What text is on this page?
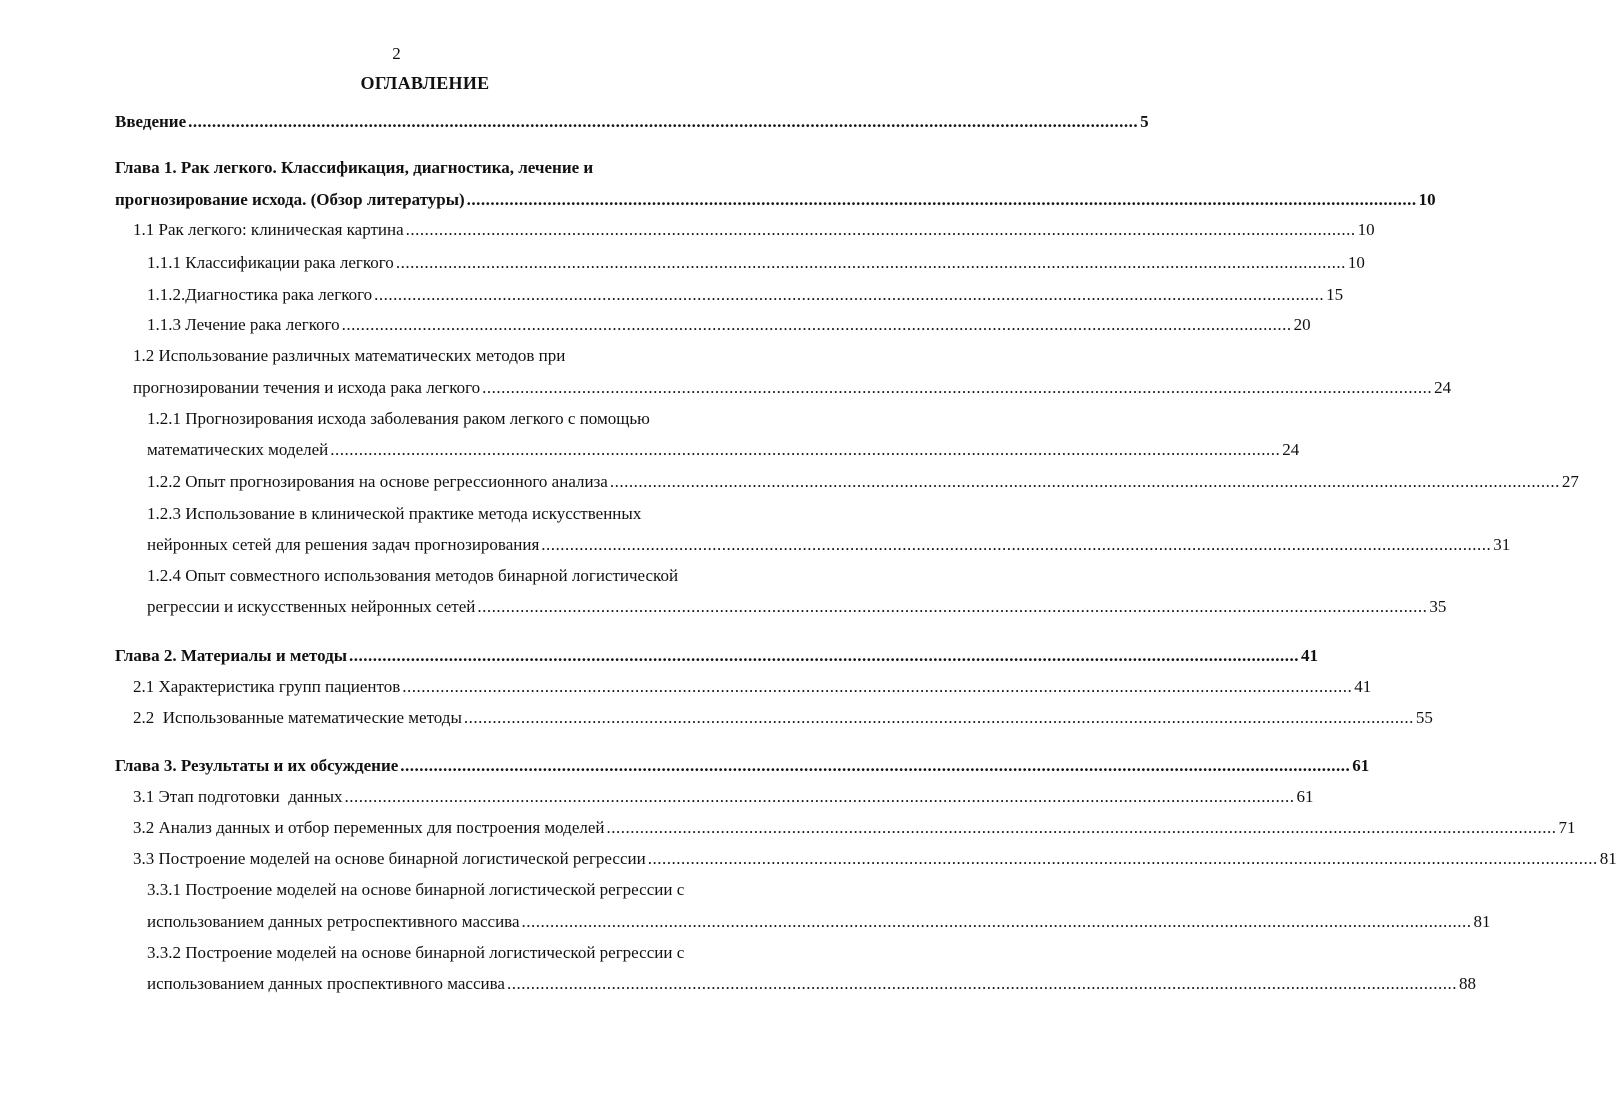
2
ОГЛАВЛЕНИЕ
Введение ........................................................................................................................................................................................................ 5
Глава 1. Рак легкого. Классификация, диагностика, лечение и
прогнозирование исхода. (Обзор литературы) ........................................................................................................................................................................................................ 10
1.1 Рак легкого: клиническая картина ........................................................................................................................................................................................................ 10
1.1.1 Классификации рака легкого ........................................................................................................................................................................................................ 10
1.1.2.Диагностика рака легкого ........................................................................................................................................................................................................ 15
1.1.3 Лечение рака легкого ........................................................................................................................................................................................................ 20
1.2 Использование различных математических методов при
прогнозировании течения и исхода рака легкого ........................................................................................................................................................................................................ 24
1.2.1 Прогнозирования исхода заболевания раком легкого с помощью
математических моделей ........................................................................................................................................................................................................ 24
1.2.2 Опыт прогнозирования на основе регрессионного анализа ........................................................................................................................................................................................................ 27
1.2.3 Использование в клинической практике метода искусственных
нейронных сетей для решения задач прогнозирования ........................................................................................................................................................................................................ 31
1.2.4 Опыт совместного использования методов бинарной логистической
регрессии и искусственных нейронных сетей ........................................................................................................................................................................................................ 35
Глава 2. Материалы и методы ........................................................................................................................................................................................................ 41
2.1 Характеристика групп пациентов ........................................................................................................................................................................................................ 41
2.2  Использованные математические методы ........................................................................................................................................................................................................ 55
Глава 3. Результаты и их обсуждение ........................................................................................................................................................................................................ 61
3.1 Этап подготовки  данных ........................................................................................................................................................................................................ 61
3.2 Анализ данных и отбор переменных для построения моделей ........................................................................................................................................................................................................ 71
3.3 Построение моделей на основе бинарной логистической регрессии ........................................................................................................................................................................................................ 81
3.3.1 Построение моделей на основе бинарной логистической регрессии с
использованием данных ретроспективного массива ........................................................................................................................................................................................................ 81
3.3.2 Построение моделей на основе бинарной логистической регрессии с
использованием данных проспективного массива ........................................................................................................................................................................................................ 88
